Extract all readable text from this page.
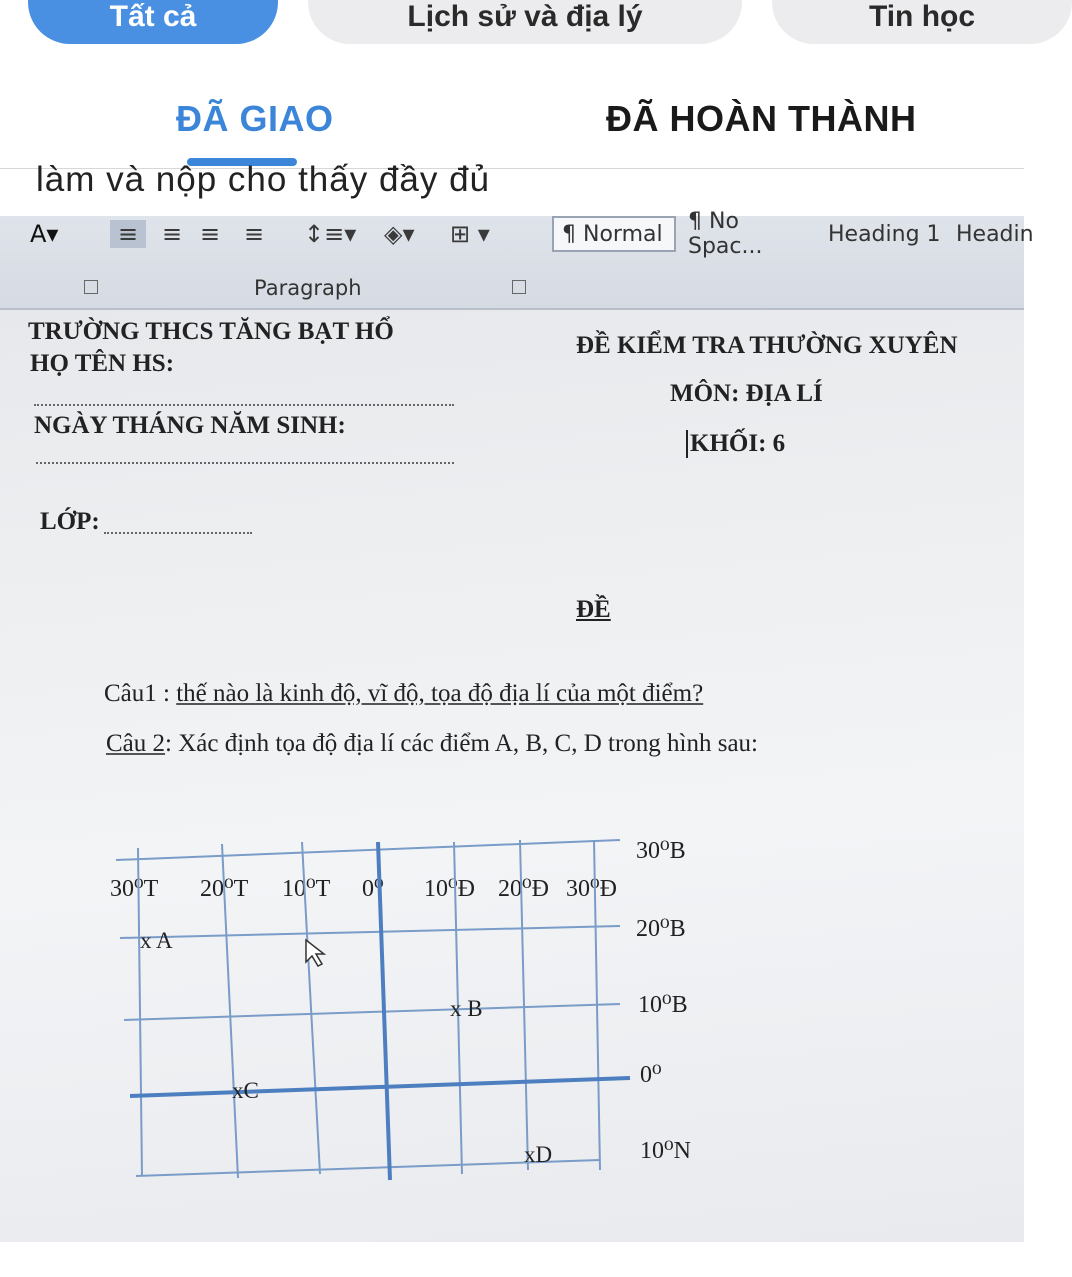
Tất cả	Lịch sử và địa lý	Tin học
ĐÃ GIAO	ĐÃ HOÀN THÀNH
làm và nộp cho thấy đầy đủ
A▾	≡ ≡ ≡ ≡ ↕≡▾ ◈▾ ⊞ ▾	¶ Normal	¶ No Spac...	Heading 1 Headin
Paragraph
TRƯỜNG THCS TĂNG BẠT HỔ
HỌ TÊN HS:
NGÀY THÁNG NĂM SINH:
LỚP:
ĐỀ KIỂM TRA THƯỜNG XUYÊN
MÔN: ĐỊA LÍ
KHỐI: 6
ĐỀ
Câu1 : thế nào là kinh độ, vĩ độ, tọa độ địa lí của một điểm?
Câu 2: Xác định tọa độ địa lí các điểm A, B, C, D trong hình sau:
30⁰T 20⁰T 10⁰T 0⁰ 10⁰Đ 20⁰Đ 30⁰Đ
30⁰B
20⁰B
10⁰B
0⁰
10⁰N
x A
x B
xC
xD
